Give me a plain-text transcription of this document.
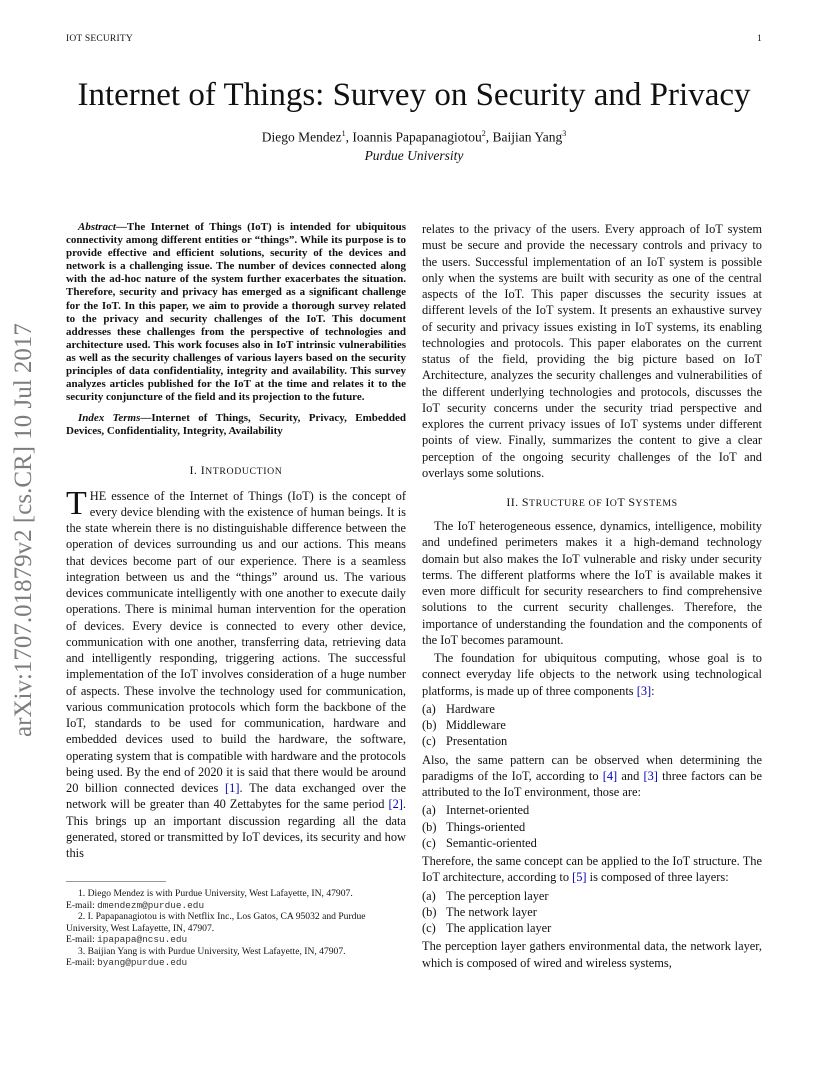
IOT SECURITY	1
arXiv:1707.01879v2 [cs.CR] 10 Jul 2017
Internet of Things: Survey on Security and Privacy
Diego Mendez$^1$, Ioannis Papapanagiotou$^2$, Baijian Yang$^3$
Purdue University

Abstract—The Internet of Things (IoT) is intended for ubiquitous connectivity among different entities or “things”. While its purpose is to provide effective and efficient solutions, security of the devices and network is a challenging issue. The number of devices connected along with the ad-hoc nature of the system further exacerbates the situation. Therefore, security and privacy has emerged as a significant challenge for the IoT. In this paper, we aim to provide a thorough survey related to the privacy and security challenges of the IoT. This document addresses these challenges from the perspective of technologies and architecture used. This work focuses also in IoT intrinsic vulnerabilities as well as the security challenges of various layers based on the security principles of data confidentiality, integrity and availability. This survey analyzes articles published for the IoT at the time and relates it to the security conjuncture of the field and its projection to the future.

Index Terms—Internet of Things, Security, Privacy, Embedded Devices, Confidentiality, Integrity, Availability

I. INTRODUCTION

THE essence of the Internet of Things (IoT) is the concept of every device blending with the existence of human beings. It is the state wherein there is no distinguishable difference between the operation of devices surrounding us and our actions. This means that devices become part of our experience. There is a seamless integration between us and the “things” around us. The various devices communicate intelligently with one another to execute daily operations. There is minimal human intervention for the operation of devices. Every device is connected to every other device, communication with one another, transferring data, retrieving data and intelligently responding, triggering actions. The successful implementation of the IoT involves consideration of a huge number of aspects. These involve the technology used for communication, various communication protocols which form the backbone of the IoT, standards to be used for communication, hardware and embedded devices used to build the hardware, the software, operating system that is compatible with hardware and the protocols being used. By the end of 2020 it is said that there would be around 20 billion connected devices [1]. The data exchanged over the network will be greater than 40 Zettabytes for the same period [2]. This brings up an important discussion regarding all the data generated, stored or transmitted by IoT devices, its security and how this

1. Diego Mendez is with Purdue University, West Lafayette, IN, 47907.
E-mail: dmendezm@purdue.edu

2. I. Papapanagiotou is with Netflix Inc., Los Gatos, CA 95032 and Purdue University, West Lafayette, IN, 47907.
E-mail: ipapapa@ncsu.edu

3. Baijian Yang is with Purdue University, West Lafayette, IN, 47907.
E-mail: byang@purdue.edu

relates to the privacy of the users. Every approach of IoT system must be secure and provide the necessary controls and privacy to the users. Successful implementation of an IoT system is possible only when the systems are built with security as one of the central aspects of the IoT. This paper discusses the security issues at different levels of the IoT system. It presents an exhaustive survey of security and privacy issues existing in IoT systems, its enabling technologies and protocols. This paper elaborates on the current status of the field, providing the big picture based on IoT Architecture, analyzes the security challenges and vulnerabilities of the different underlying technologies and protocols, discusses the IoT security concerns under the security triad perspective and explores the current privacy issues of IoT systems under different points of view. Finally, summarizes the content to give a clear perception of the ongoing security challenges of the IoT and overlays some solutions.

II. STRUCTURE OF IOT SYSTEMS

The IoT heterogeneous essence, dynamics, intelligence, mobility and undefined perimeters makes it a high-demand technology domain but also makes the IoT vulnerable and risky under security terms. The different platforms where the IoT is available makes it even more difficult for security researchers to find comprehensive solutions to the current security challenges. Therefore, the importance of understanding the foundation and the components of the IoT becomes paramount.

The foundation for ubiquitous computing, whose goal is to connect everyday life objects to the network using technological platforms, is made up of three components [3]:

(a) Hardware
(b) Middleware
(c) Presentation

Also, the same pattern can be observed when determining the paradigms of the IoT, according to [4] and [3] three factors can be attributed to the IoT environment, those are:

(a) Internet-oriented
(b) Things-oriented
(c) Semantic-oriented

Therefore, the same concept can be applied to the IoT structure. The IoT architecture, according to [5] is composed of three layers:

(a) The perception layer
(b) The network layer
(c) The application layer

The perception layer gathers environmental data, the network layer, which is composed of wired and wireless systems,
